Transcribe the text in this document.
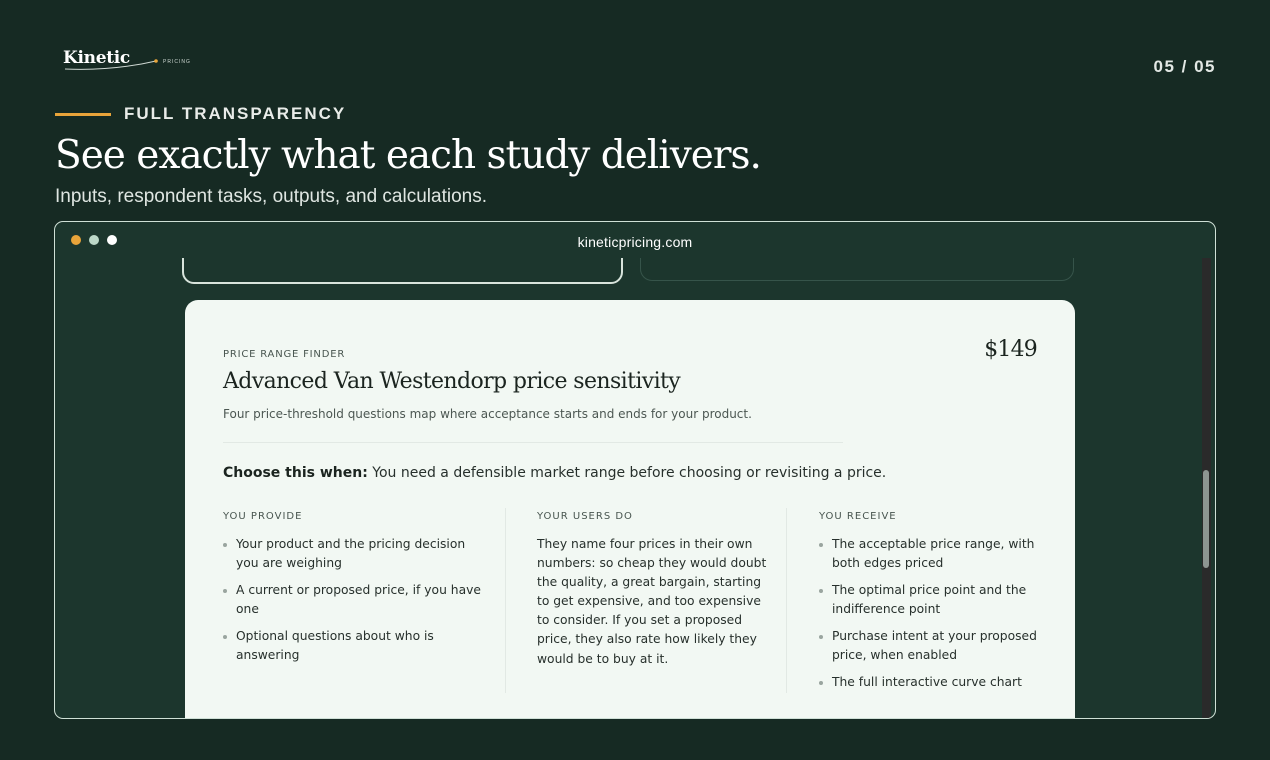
Kinetic	PRICING	05 / 05
FULL TRANSPARENCY
See exactly what each study delivers.
Inputs, respondent tasks, outputs, and calculations.
kineticpricing.com
PRICE RANGE FINDER
Advanced Van Westendorp price sensitivity
$149
Four price-threshold questions map where acceptance starts and ends for your product.
Choose this when: You need a defensible market range before choosing or revisiting a price.
YOU PROVIDE
Your product and the pricing decision you are weighing
A current or proposed price, if you have one
Optional questions about who is answering
YOUR USERS DO

They name four prices in their own numbers: so cheap they would doubt the quality, a great bargain, starting to get expensive, and too expensive to consider. If you set a proposed price, they also rate how likely they would be to buy at it.

YOU RECEIVE
The acceptable price range, with both edges priced
The optimal price point and the indifference point
Purchase intent at your proposed price, when enabled
The full interactive curve chart
